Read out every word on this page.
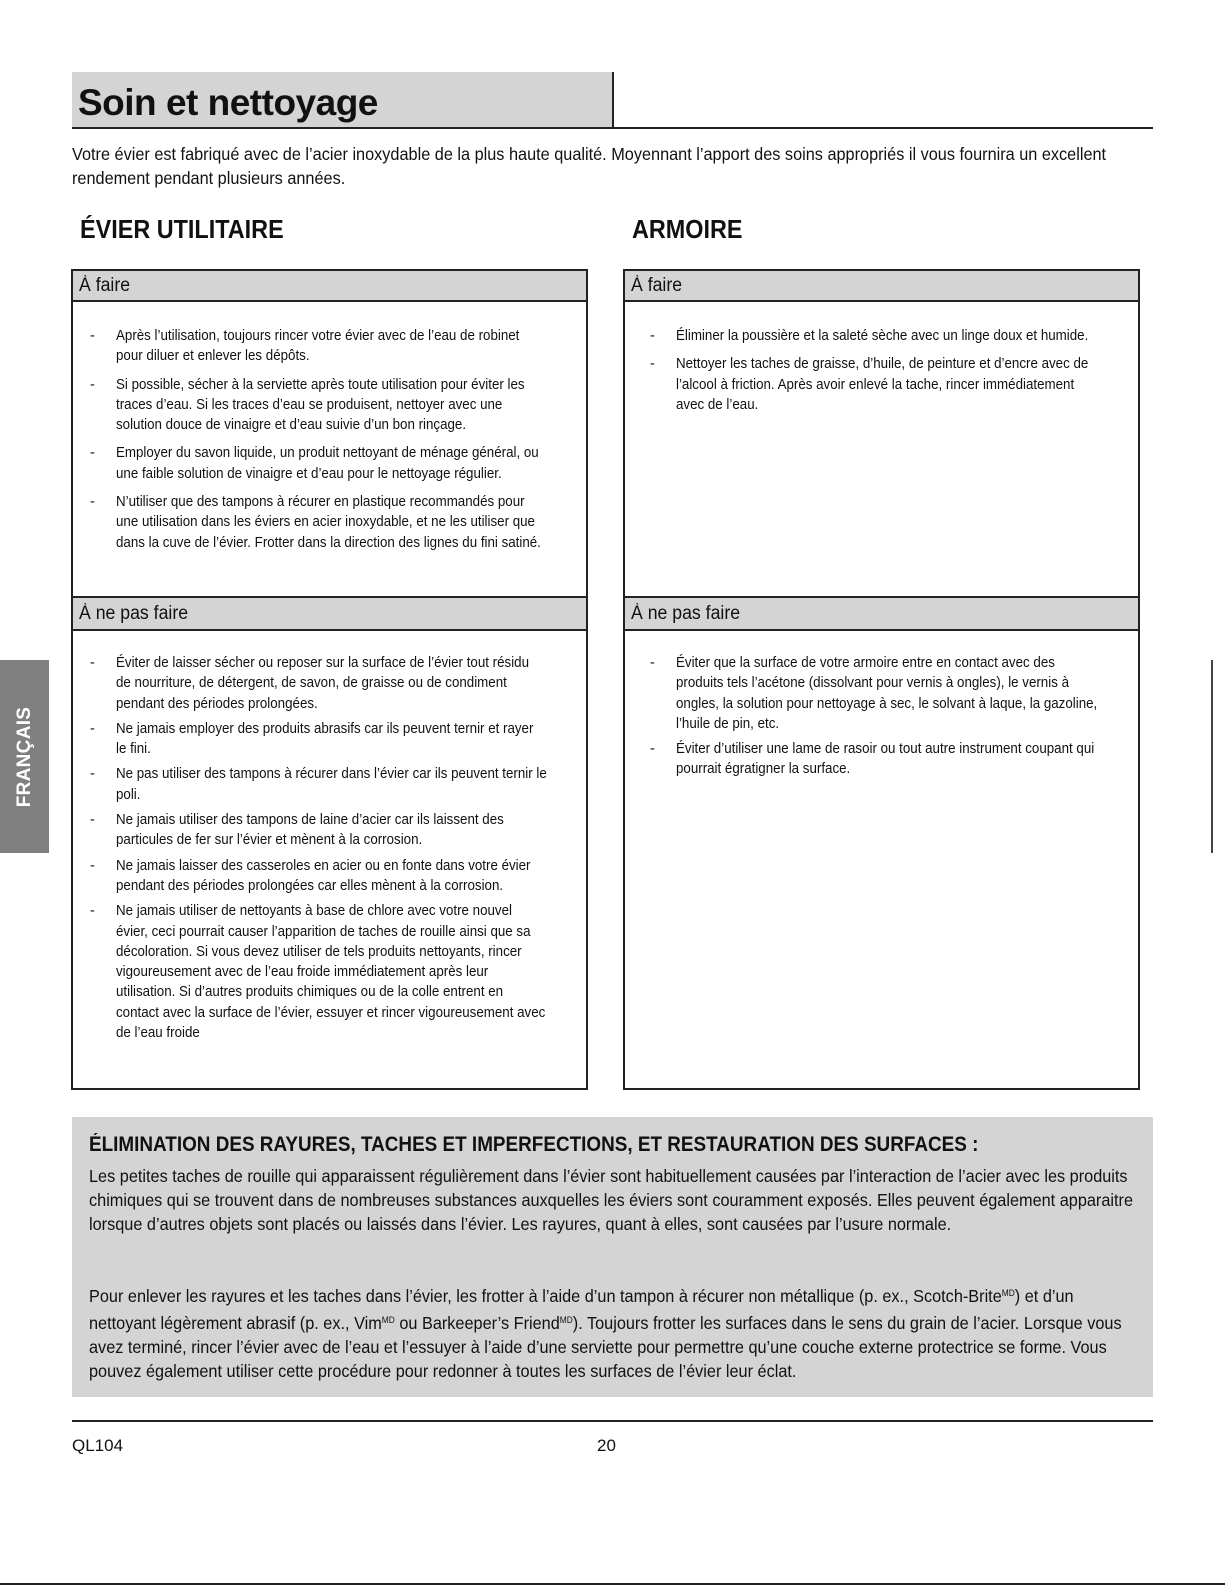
Soin et nettoyage

Votre évier est fabriqué avec de l’acier inoxydable de la plus haute qualité. Moyennant l’apport des soins appropriés il vous fournira un excellent rendement pendant plusieurs années.

ÉVIER UTILITAIRE	ARMOIRE
À faire
- Après l’utilisation, toujours rincer votre évier avec de l’eau de robinet pour diluer et enlever les dépôts.
- Si possible, sécher à la serviette après toute utilisation pour éviter les traces d’eau. Si les traces d’eau se produisent, nettoyer avec une solution douce de vinaigre et d’eau suivie d’un bon rinçage.
- Employer du savon liquide, un produit nettoyant de ménage général, ou une faible solution de vinaigre et d’eau pour le nettoyage régulier.
- N’utiliser que des tampons à récurer en plastique recommandés pour une utilisation dans les éviers en acier inoxydable, et ne les utiliser que dans la cuve de l’évier. Frotter dans la direction des lignes du fini satiné.
À ne pas faire
- Éviter de laisser sécher ou reposer sur la surface de l’évier tout résidu de nourriture, de détergent, de savon, de graisse ou de condiment pendant des périodes prolongées.
- Ne jamais employer des produits abrasifs car ils peuvent ternir et rayer le fini.
- Ne pas utiliser des tampons à récurer dans l’évier car ils peuvent ternir le poli.
- Ne jamais utiliser des tampons de laine d’acier car ils laissent des particules de fer sur l’évier et mènent à la corrosion.
- Ne jamais laisser des casseroles en acier ou en fonte dans votre évier pendant des périodes prolongées car elles mènent à la corrosion.
- Ne jamais utiliser de nettoyants à base de chlore avec votre nouvel évier, ceci pourrait causer l’apparition de taches de rouille ainsi que sa décoloration. Si vous devez utiliser de tels produits nettoyants, rincer vigoureusement avec de l’eau froide immédiatement après leur utilisation. Si d’autres produits chimiques ou de la colle entrent en contact avec la surface de l’évier, essuyer et rincer vigoureusement avec de l’eau froide
À faire
- Éliminer la poussière et la saleté sèche avec un linge doux et humide.
- Nettoyer les taches de graisse, d’huile, de peinture et d’encre avec de l’alcool à friction. Après avoir enlevé la tache, rincer immédiatement avec de l’eau.
À ne pas faire
- Éviter que la surface de votre armoire entre en contact avec des produits tels l’acétone (dissolvant pour vernis à ongles), le vernis à ongles, la solution pour nettoyage à sec, le solvant à laque, la gazoline, l’huile de pin, etc.
- Éviter d’utiliser une lame de rasoir ou tout autre instrument coupant qui pourrait égratigner la surface.
FRANÇAIS
ÉLIMINATION DES RAYURES, TACHES ET IMPERFECTIONS, ET RESTAURATION DES SURFACES :

Les petites taches de rouille qui apparaissent régulièrement dans l’évier sont habituellement causées par l’interaction de l’acier avec les produits chimiques qui se trouvent dans de nombreuses substances auxquelles les éviers sont couramment exposés. Elles peuvent également apparaitre lorsque d’autres objets sont placés ou laissés dans l’évier. Les rayures, quant à elles, sont causées par l’usure normale.

Pour enlever les rayures et les taches dans l’évier, les frotter à l’aide d’un tampon à récurer non métallique (p. ex., Scotch-Brite$^{MD}$) et d’un nettoyant légèrement abrasif (p. ex., Vim$^{MD}$ ou Barkeeper’s Friend$^{MD}$). Toujours frotter les surfaces dans le sens du grain de l’acier. Lorsque vous avez terminé, rincer l’évier avec de l’eau et l’essuyer à l’aide d’une serviette pour permettre qu’une couche externe protectrice se forme. Vous pouvez également utiliser cette procédure pour redonner à toutes les surfaces de l’évier leur éclat.

QL104	20
